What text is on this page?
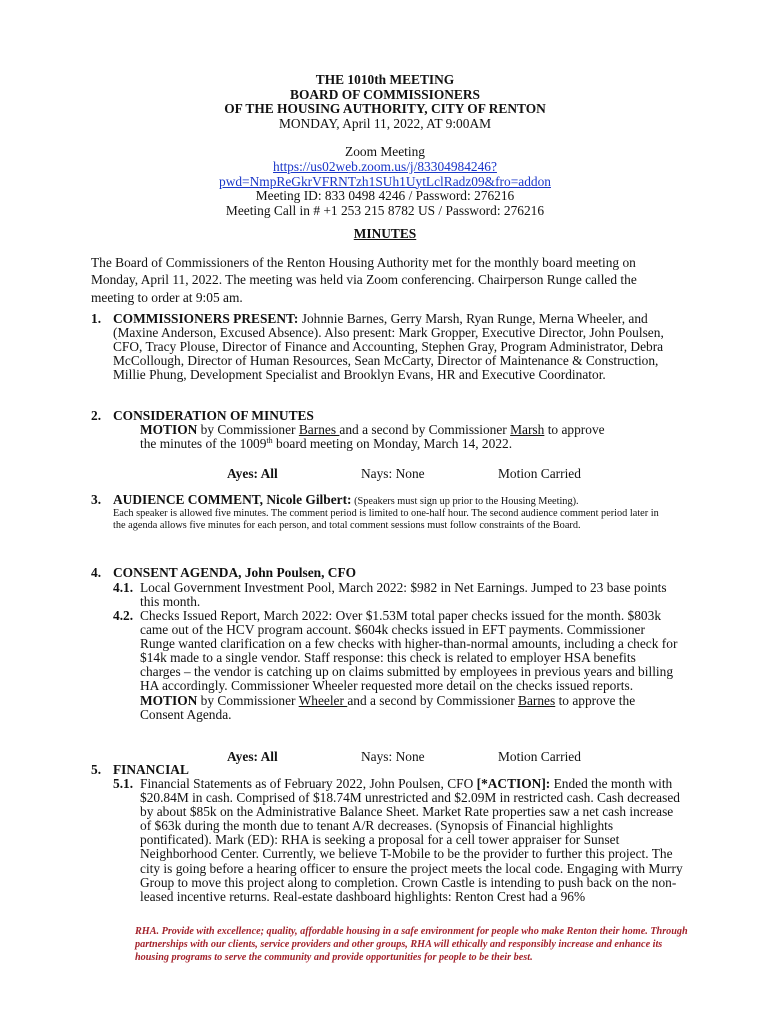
THE 1010th MEETING
BOARD OF COMMISSIONERS
OF THE HOUSING AUTHORITY, CITY OF RENTON
MONDAY, April 11, 2022, AT 9:00AM
Zoom Meeting
https://us02web.zoom.us/j/83304984246?
pwd=NmpReGkrVFRNTzh1SUh1UytLclRadz09&fro=addon
Meeting ID: 833 0498 4246 / Password: 276216
Meeting Call in # +1 253 215 8782 US / Password: 276216
MINUTES
The Board of Commissioners of the Renton Housing Authority met for the monthly board meeting on Monday, April 11, 2022. The meeting was held via Zoom conferencing. Chairperson Runge called the meeting to order at 9:05 am.
1. COMMISSIONERS PRESENT: Johnnie Barnes, Gerry Marsh, Ryan Runge, Merna Wheeler, and (Maxine Anderson, Excused Absence). Also present: Mark Gropper, Executive Director, John Poulsen, CFO, Tracy Plouse, Director of Finance and Accounting, Stephen Gray, Program Administrator, Debra McCollough, Director of Human Resources, Sean McCarty, Director of Maintenance & Construction, Millie Phung, Development Specialist and Brooklyn Evans, HR and Executive Coordinator.
2. CONSIDERATION OF MINUTES
MOTION by Commissioner Barnes and a second by Commissioner Marsh to approve
the minutes of the 1009th board meeting on Monday, March 14, 2022.
Ayes: All	Nays: None	Motion Carried
3. AUDIENCE COMMENT, Nicole Gilbert: (Speakers must sign up prior to the Housing Meeting).
Each speaker is allowed five minutes. The comment period is limited to one-half hour. The second audience comment period later in the agenda allows five minutes for each person, and total comment sessions must follow constraints of the Board.
4. CONSENT AGENDA, John Poulsen, CFO
4.1. Local Government Investment Pool, March 2022: $982 in Net Earnings. Jumped to 23 base points this month.
4.2. Checks Issued Report, March 2022: Over $1.53M total paper checks issued for the month. $803k came out of the HCV program account. $604k checks issued in EFT payments. Commissioner Runge wanted clarification on a few checks with higher-than-normal amounts, including a check for $14k made to a single vendor. Staff response: this check is related to employer HSA benefits charges – the vendor is catching up on claims submitted by employees in previous years and billing HA accordingly. Commissioner Wheeler requested more detail on the checks issued reports.
MOTION by Commissioner Wheeler and a second by Commissioner Barnes to approve the Consent Agenda.
Ayes: All	Nays: None	Motion Carried
5. FINANCIAL
5.1. Financial Statements as of February 2022, John Poulsen, CFO [*ACTION]: Ended the month with $20.84M in cash. Comprised of $18.74M unrestricted and $2.09M in restricted cash. Cash decreased by about $85k on the Administrative Balance Sheet. Market Rate properties saw a net cash increase of $63k during the month due to tenant A/R decreases. (Synopsis of Financial highlights pontificated). Mark (ED): RHA is seeking a proposal for a cell tower appraiser for Sunset Neighborhood Center. Currently, we believe T-Mobile to be the provider to further this project. The city is going before a hearing officer to ensure the project meets the local code. Engaging with Murry Group to move this project along to completion. Crown Castle is intending to push back on the non-leased incentive returns. Real-estate dashboard highlights: Renton Crest had a 96%
RHA. Provide with excellence; quality, affordable housing in a safe environment for people who make Renton their home. Through partnerships with our clients, service providers and other groups, RHA will ethically and responsibly increase and enhance its housing programs to serve the community and provide opportunities for people to be their best.
